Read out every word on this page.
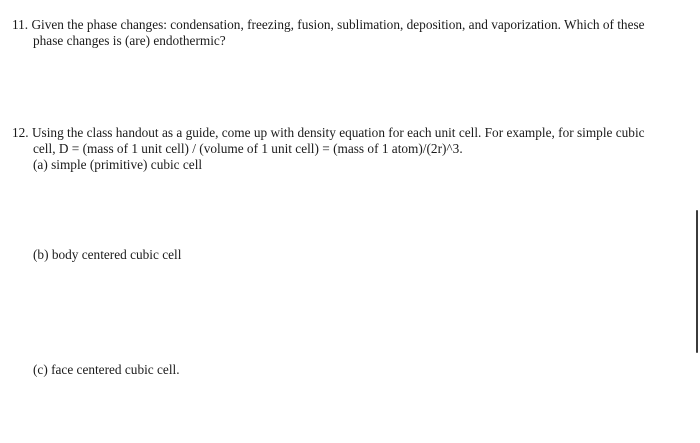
11. Given the phase changes: condensation, freezing, fusion, sublimation, deposition, and vaporization. Which of these
phase changes is (are) endothermic?
12. Using the class handout as a guide, come up with density equation for each unit cell. For example, for simple cubic
cell, D = (mass of 1 unit cell) / (volume of 1 unit cell) = (mass of 1 atom)/(2r)^3.
(a) simple (primitive) cubic cell
(b) body centered cubic cell
(c) face centered cubic cell.
